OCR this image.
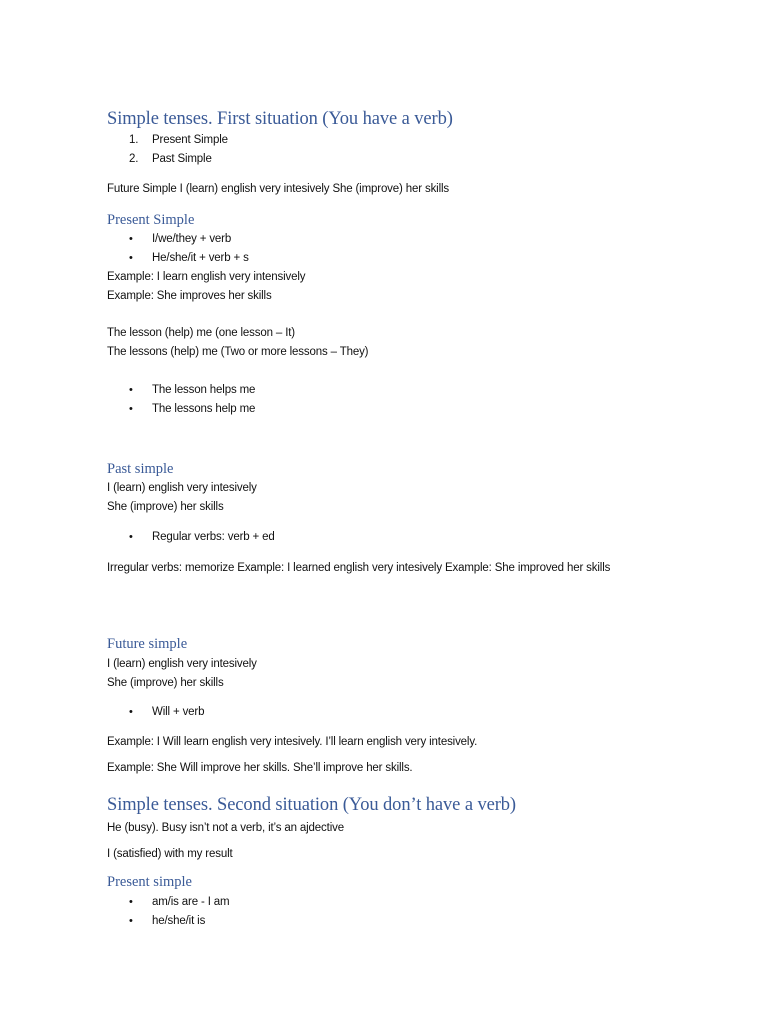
Simple tenses. First situation (You have a verb)
1. Present Simple
2. Past Simple
Future Simple I (learn) english very intesively She (improve) her skills
Present Simple
• I/we/they + verb
• He/she/it + verb + s
Example: I learn english very intensively
Example: She improves her skills
The lesson (help) me (one lesson – It)
The lessons (help) me (Two or more lessons – They)
• The lesson helps me
• The lessons help me
Past simple
I (learn) english very intesively
She (improve) her skills
• Regular verbs: verb + ed
Irregular verbs: memorize Example: I learned english very intesively Example: She improved her skills
Future simple
I (learn) english very intesively
She (improve) her skills
• Will + verb
Example: I Will learn english very intesively. I’ll learn english very intesively.
Example: She Will improve her skills. She’ll improve her skills.
Simple tenses. Second situation (You don’t have a verb)
He (busy). Busy isn’t not a verb, it’s an ajdective
I (satisfied) with my result
Present simple
• am/is are - I am
• he/she/it is
